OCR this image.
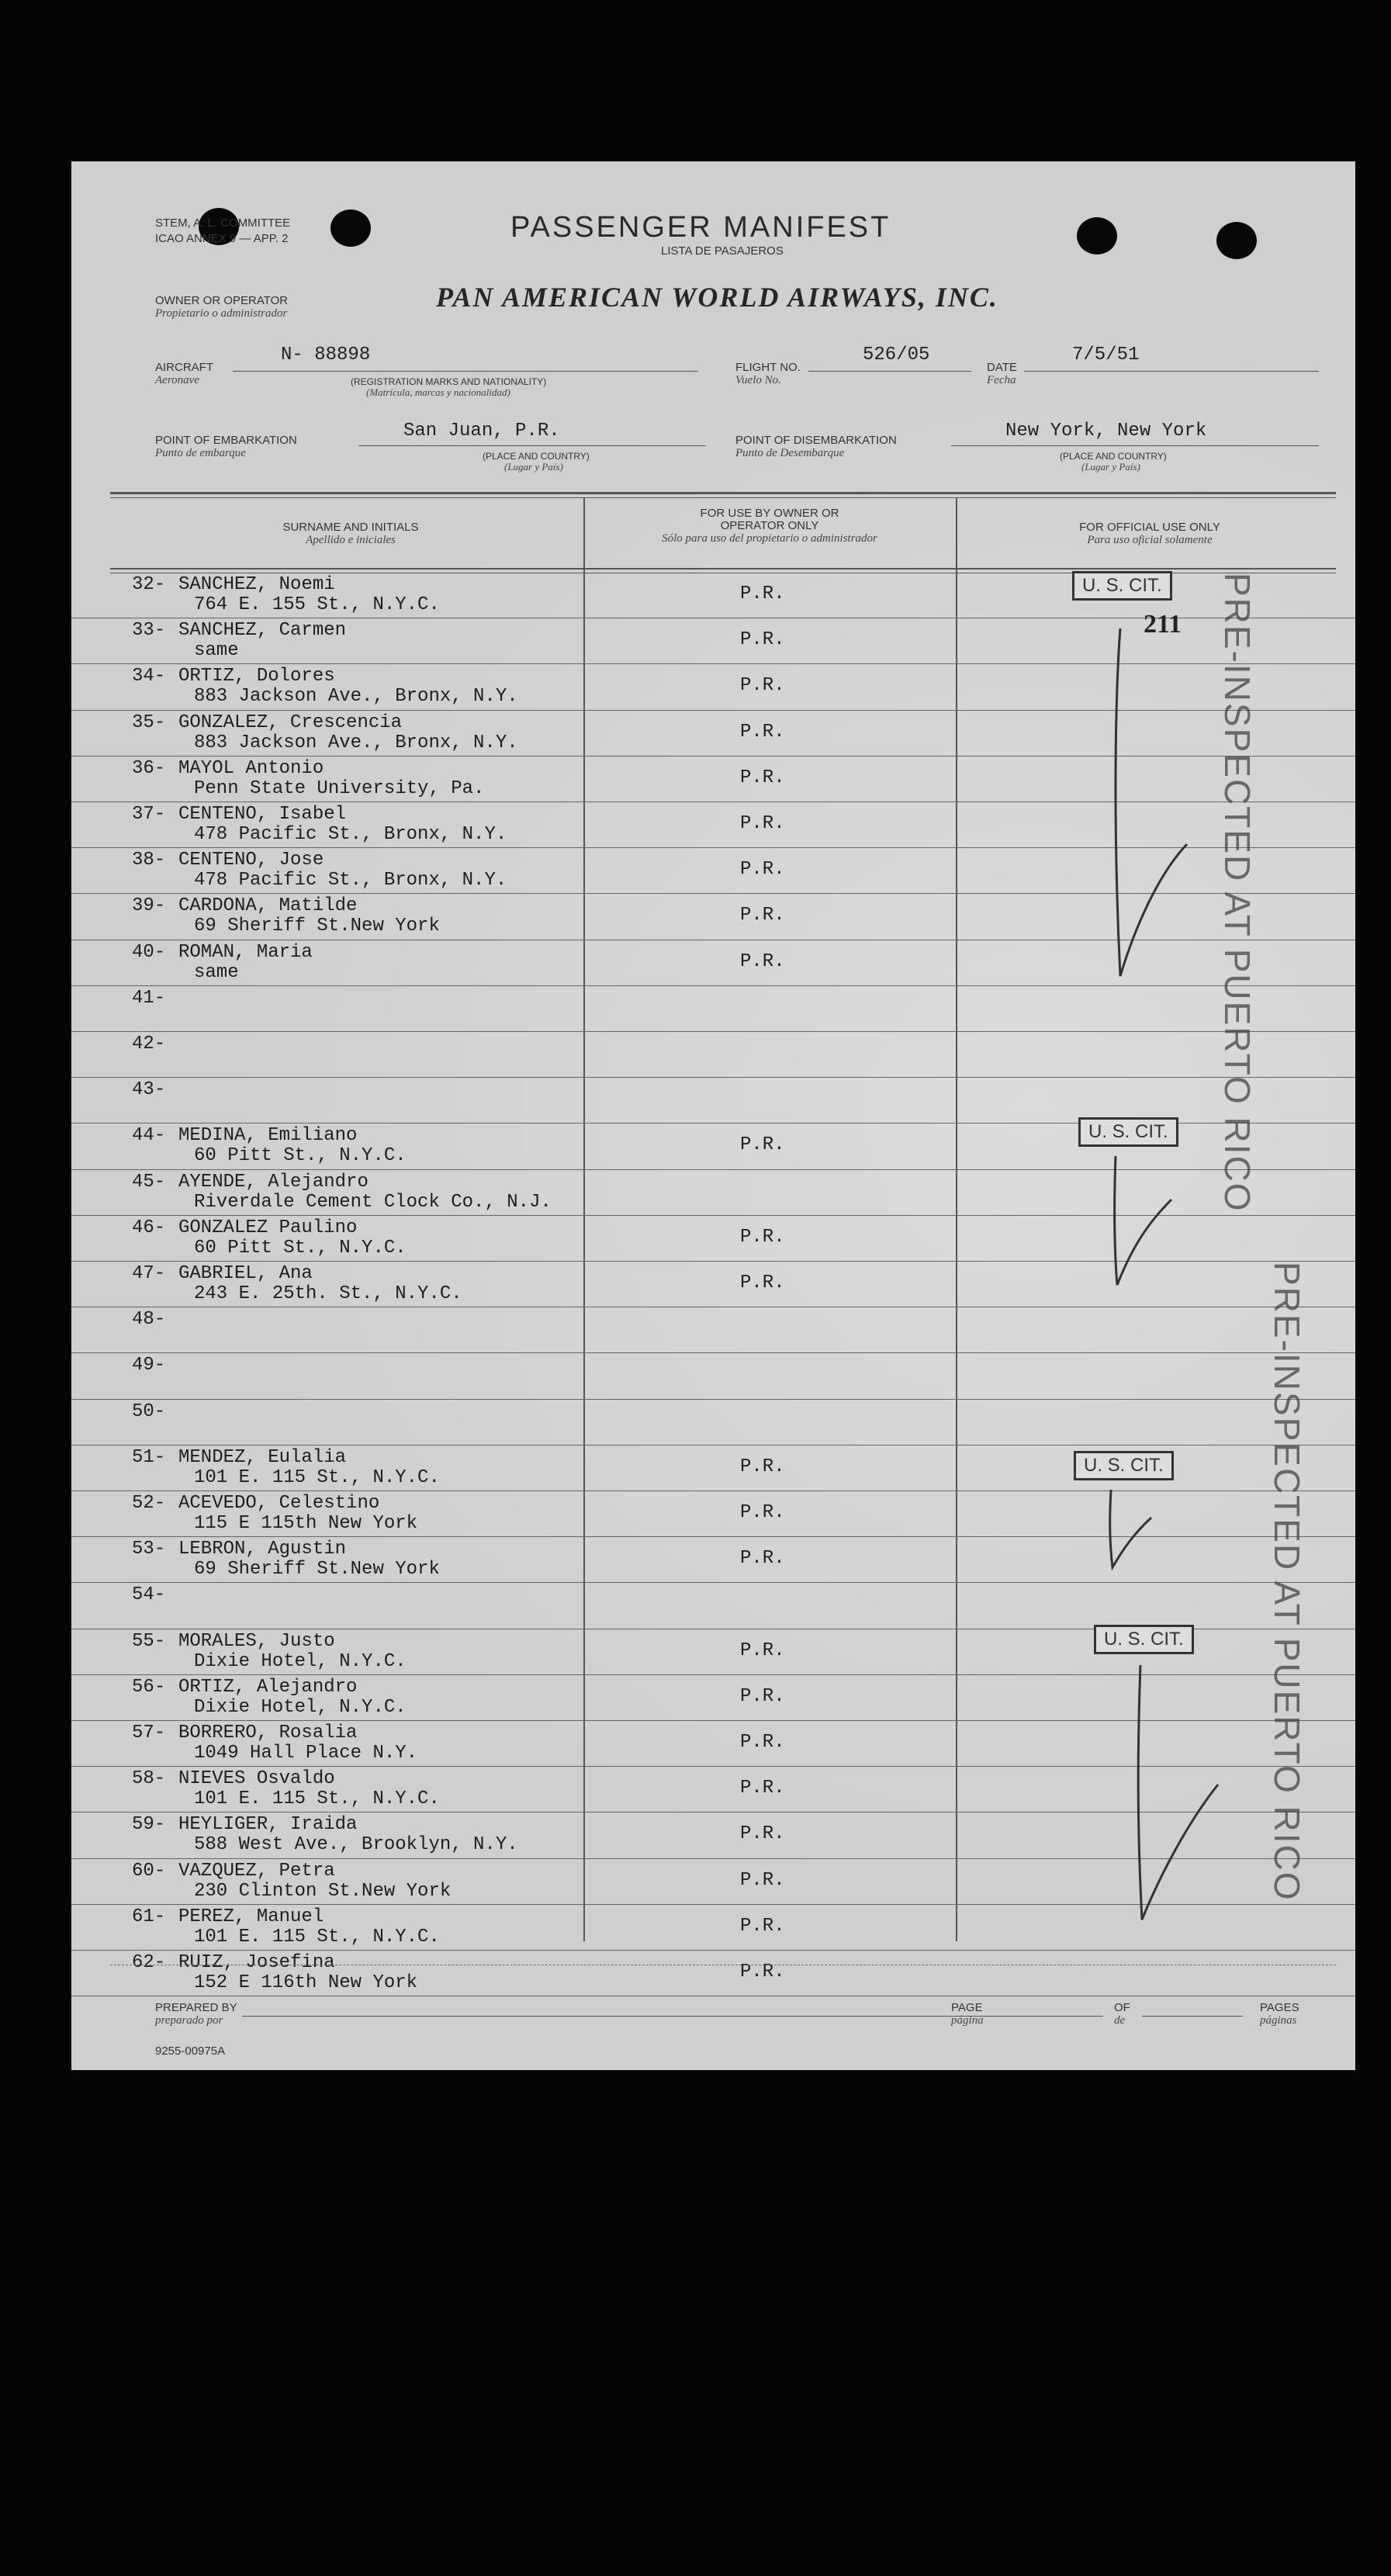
STEM, A. L. COMMITTEE
ICAO ANNEX 9 — APP. 2	PASSENGER MANIFEST
LISTA DE PASAJEROS
OWNER OR OPERATOR
Propietario o administrador
PAN AMERICAN WORLD AIRWAYS, INC.
AIRCRAFT
Aeronave
N- 88898
(REGISTRATION MARKS AND NATIONALITY)
(Matrícula, marcas y nacionalidad)
FLIGHT NO.
Vuelo No.
526/05
DATE
Fecha
7/5/51
POINT OF EMBARKATION
Punto de embarque
San Juan, P.R.
(PLACE AND COUNTRY)
(Lugar y País)
POINT OF DISEMBARKATION
Punto de Desembarque
New York, New York
(PLACE AND COUNTRY)
(Lugar y País)
SURNAME AND INITIALS
Apellido e iniciales
FOR USE BY OWNER OR OPERATOR ONLY
Sólo para uso del propietario o administrador
FOR OFFICIAL USE ONLY
Para uso oficial solamente
32- SANCHEZ, Noemi
764 E. 155 St., N.Y.C.
P.R.
33- SANCHEZ, Carmen
same
P.R.
34- ORTIZ, Dolores
883 Jackson Ave., Bronx, N.Y.
P.R.
35- GONZALEZ, Crescencia
883 Jackson Ave., Bronx, N.Y.
P.R.
36- MAYOL Antonio
Penn State University, Pa.
P.R.
37- CENTENO, Isabel
478 Pacific St., Bronx, N.Y.
P.R.
38- CENTENO, Jose
478 Pacific St., Bronx, N.Y.
P.R.
39- CARDONA, Matilde
69 Sheriff St.New York
P.R.
40- ROMAN, Maria
same
P.R.
41-
42-
43-
44- MEDINA, Emiliano
60 Pitt St., N.Y.C.
P.R.
45- AYENDE, Alejandro
Riverdale Cement Clock Co., N.J.
46- GONZALEZ Paulino
60 Pitt St., N.Y.C.
P.R.
47- GABRIEL, Ana
243 E. 25th. St., N.Y.C.
P.R.
48-
49-
50-
51- MENDEZ, Eulalia
101 E. 115 St., N.Y.C.
P.R.
52- ACEVEDO, Celestino
115 E 115th New York
P.R.
53- LEBRON, Agustin
69 Sheriff St.New York
P.R.
54-
55- MORALES, Justo
Dixie Hotel, N.Y.C.
P.R.
56- ORTIZ, Alejandro
Dixie Hotel, N.Y.C.
P.R.
57- BORRERO, Rosalia
1049 Hall Place N.Y.
P.R.
58- NIEVES Osvaldo
101 E. 115 St., N.Y.C.
P.R.
59- HEYLIGER, Iraida
588 West Ave., Brooklyn, N.Y.
P.R.
60- VAZQUEZ, Petra
230 Clinton St.New York
P.R.
61- PEREZ, Manuel
101 E. 115 St., N.Y.C.
P.R.
62- RUIZ, Josefina
152 E 116th New York
P.R.
U. S. CIT.
211
U. S. CIT.
U. S. CIT.
U. S. CIT.
PRE-INSPECTED AT PUERTO RICO
PRE-INSPECTED AT PUERTO RICO
PREPARED BY
preparado por
PAGE
página
OF
de
PAGES
páginas
9255-00975A
